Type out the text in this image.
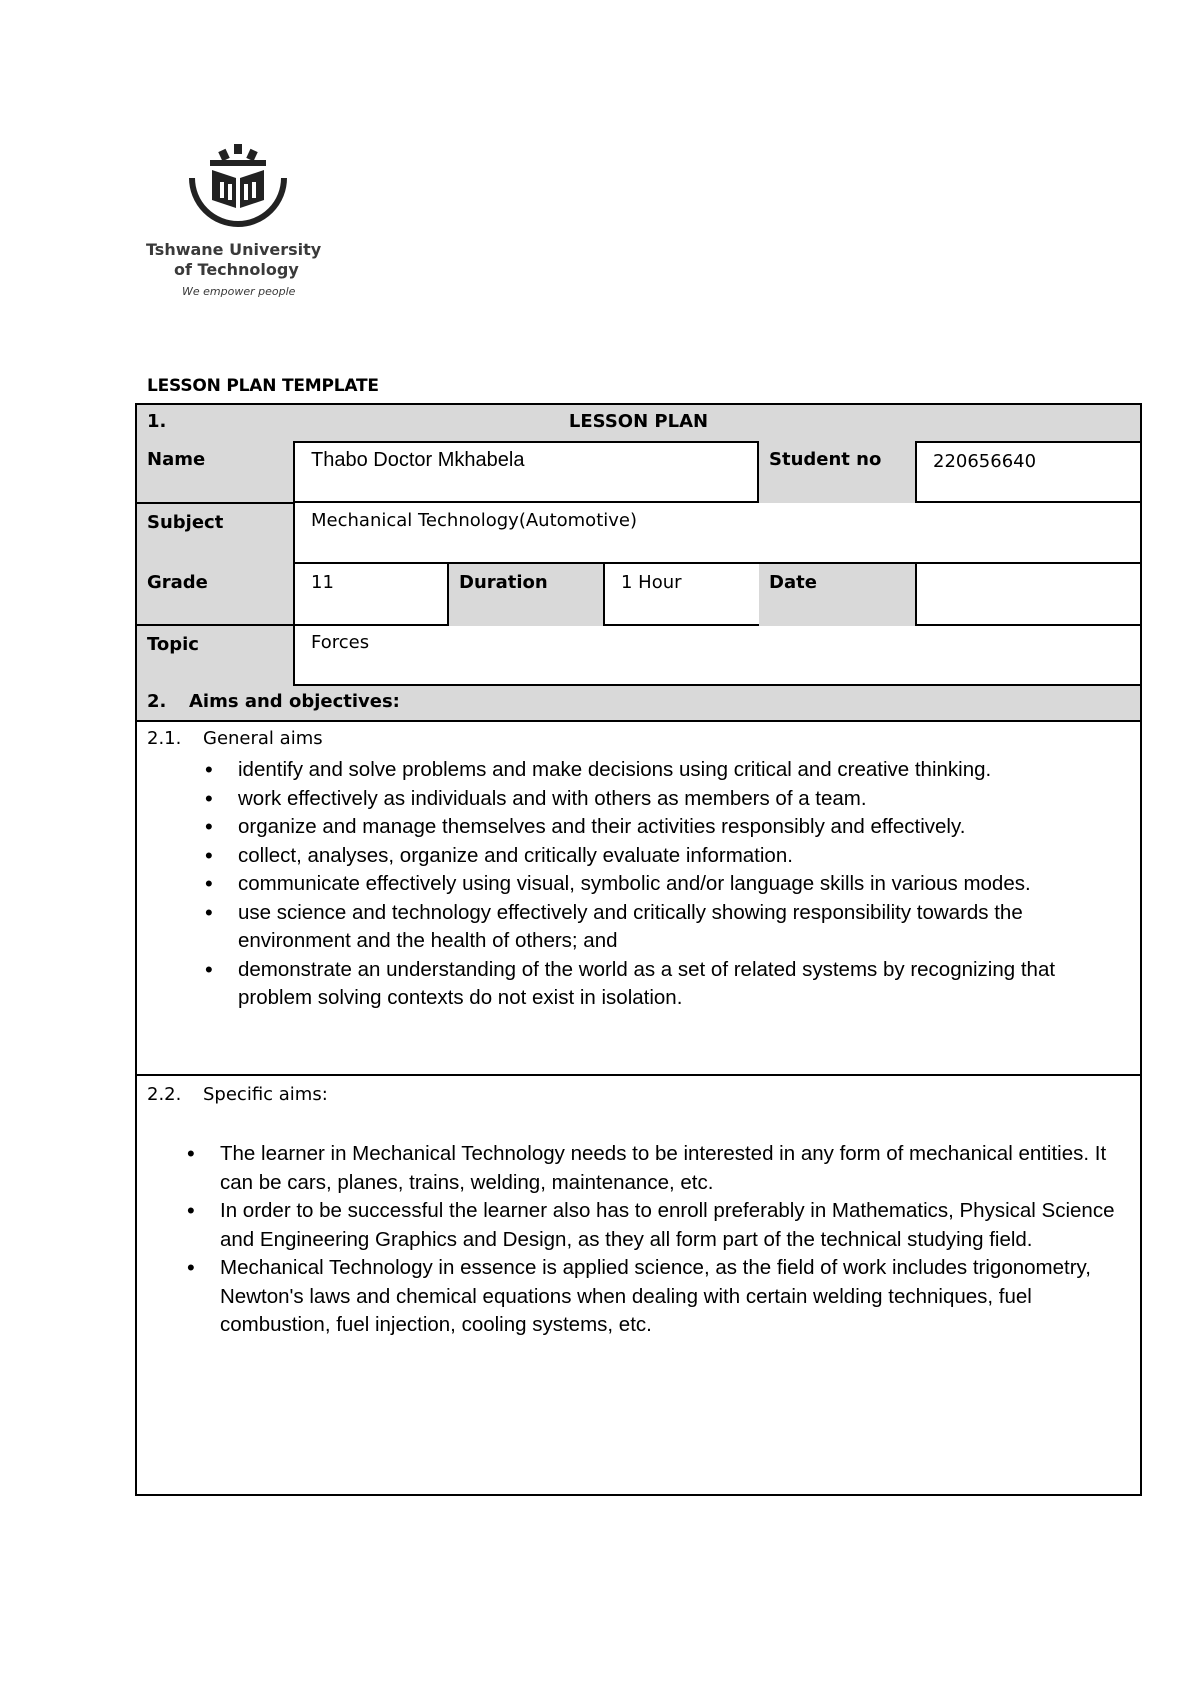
Tshwane University
of Technology
We empower people
LESSON PLAN TEMPLATE
1.	LESSON PLAN
Name	Thabo Doctor Mkhabela	Student no	220656640
Subject	Mechanical Technology(Automotive)
Grade	11	Duration	1 Hour	Date
Topic	Forces
2. Aims and objectives:
2.1. General aims
• identify and solve problems and make decisions using critical and creative thinking.
• work effectively as individuals and with others as members of a team.
• organize and manage themselves and their activities responsibly and effectively.
• collect, analyses, organize and critically evaluate information.
• communicate effectively using visual, symbolic and/or language skills in various modes.
• use science and technology effectively and critically showing responsibility towards the environment and the health of others; and
• demonstrate an understanding of the world as a set of related systems by recognizing that problem solving contexts do not exist in isolation.
2.2. Specific aims:
• The learner in Mechanical Technology needs to be interested in any form of mechanical entities. It can be cars, planes, trains, welding, maintenance, etc.
• In order to be successful the learner also has to enroll preferably in Mathematics, Physical Science and Engineering Graphics and Design, as they all form part of the technical studying field.
• Mechanical Technology in essence is applied science, as the field of work includes trigonometry, Newton's laws and chemical equations when dealing with certain welding techniques, fuel combustion, fuel injection, cooling systems, etc.
